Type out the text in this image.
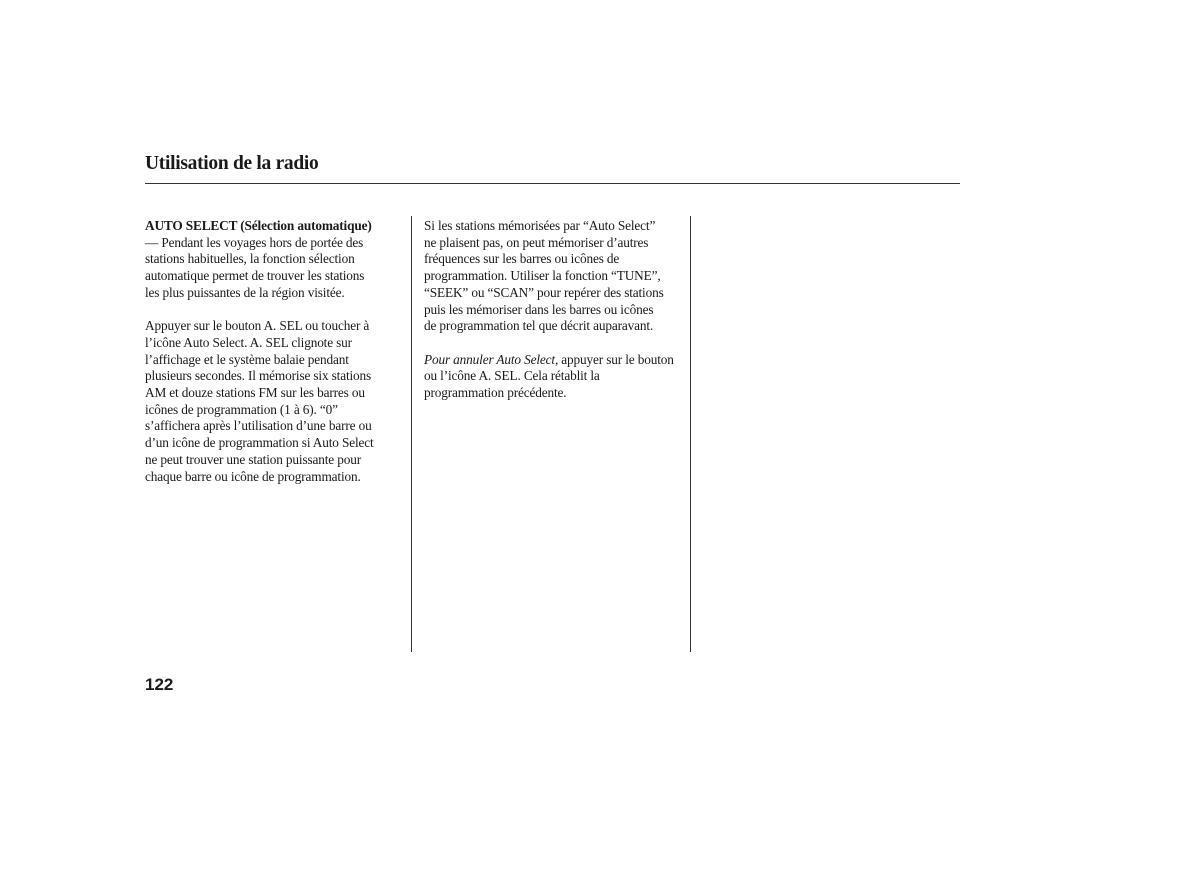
Utilisation de la radio

AUTO SELECT (Sélection automatique)
— Pendant les voyages hors de portée des
stations habituelles, la fonction sélection
automatique permet de trouver les stations
les plus puissantes de la région visitée.

Appuyer sur le bouton A. SEL ou toucher à
l’icône Auto Select. A. SEL clignote sur
l’affichage et le système balaie pendant
plusieurs secondes. Il mémorise six stations
AM et douze stations FM sur les barres ou
icônes de programmation (1 à 6). “0”
s’affichera après l’utilisation d’une barre ou
d’un icône de programmation si Auto Select
ne peut trouver une station puissante pour
chaque barre ou icône de programmation.

Si les stations mémorisées par “Auto Select”
ne plaisent pas, on peut mémoriser d’autres
fréquences sur les barres ou icônes de
programmation. Utiliser la fonction “TUNE”,
“SEEK” ou “SCAN” pour repérer des stations
puis les mémoriser dans les barres ou icônes
de programmation tel que décrit auparavant.

Pour annuler Auto Select, appuyer sur le bouton
ou l’icône A. SEL. Cela rétablit la
programmation précédente.

122
